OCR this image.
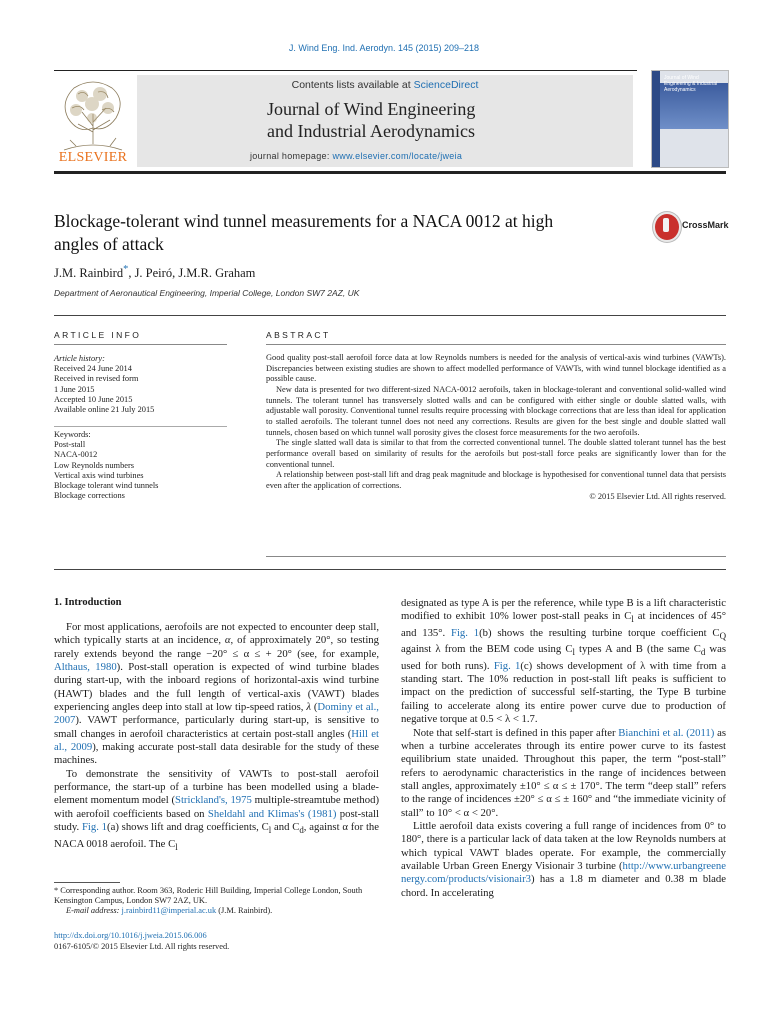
J. Wind Eng. Ind. Aerodyn. 145 (2015) 209–218
ELSEVIER
Contents lists available at ScienceDirect
Journal of Wind Engineering
and Industrial Aerodynamics
journal homepage: www.elsevier.com/locate/jweia
Journal of Wind Engineering & Industrial Aerodynamics
Blockage-tolerant wind tunnel measurements for a NACA 0012 at high
angles of attack
CrossMark
J.M. Rainbird*, J. Peiró, J.M.R. Graham
Department of Aeronautical Engineering, Imperial College, London SW7 2AZ, UK
ARTICLE INFO
Article history:
Received 24 June 2014
Received in revised form
1 June 2015
Accepted 10 June 2015
Available online 21 July 2015
Keywords:
Post-stall
NACA-0012
Low Reynolds numbers
Vertical axis wind turbines
Blockage tolerant wind tunnels
Blockage corrections
ABSTRACT

Good quality post-stall aerofoil force data at low Reynolds numbers is needed for the analysis of vertical-axis wind turbines (VAWTs). Discrepancies between existing studies are shown to affect modelled performance of VAWTs, with wind tunnel blockage identified as a possible cause.

New data is presented for two different-sized NACA-0012 aerofoils, taken in blockage-tolerant and conventional solid-walled wind tunnels. The tolerant tunnel has transversely slotted walls and can be configured with either single or double slatted walls, with adjustable wall porosity. Conventional tunnel results require processing with blockage corrections that are less than ideal for application to stalled aerofoils. The tolerant tunnel does not need any corrections. Results are given for the best single and double slatted wall tunnels, chosen based on which tunnel wall porosity gives the closest force measurements for the two aerofoils.

The single slatted wall data is similar to that from the corrected conventional tunnel. The double slatted tolerant tunnel has the best performance overall based on similarity of results for the aerofoils but post-stall force peaks are significantly lower than for the conventional tunnel.

A relationship between post-stall lift and drag peak magnitude and blockage is hypothesised for conventional tunnel data that persists even after the application of corrections.

© 2015 Elsevier Ltd. All rights reserved.

1. Introduction

For most applications, aerofoils are not expected to encounter deep stall, which typically starts at an incidence, α, of approximately 20°, so testing rarely extends beyond the range −20° ≤ α ≤ + 20° (see, for example, Althaus, 1980). Post-stall operation is expected of wind turbine blades during start-up, with the inboard regions of horizontal-axis wind turbine (HAWT) blades and the full length of vertical-axis (VAWT) blades experiencing angles deep into stall at low tip-speed ratios, λ (Dominy et al., 2007). VAWT performance, particularly during start-up, is sensitive to small changes in aerofoil characteristics at certain post-stall angles (Hill et al., 2009), making accurate post-stall data desirable for the study of these machines.

To demonstrate the sensitivity of VAWTs to post-stall aerofoil performance, the start-up of a turbine has been modelled using a blade-element momentum model (Strickland's, 1975 multiple-streamtube method) with aerofoil coefficients based on Sheldahl and Klimas's (1981) post-stall study. Fig. 1(a) shows lift and drag coefficients, $C_l$ and $C_d$, against α for the NACA 0018 aerofoil. The $C_l$

designated as type A is per the reference, while type B is a lift characteristic modified to exhibit 10% lower post-stall peaks in $C_l$ at incidences of 45° and 135°. Fig. 1(b) shows the resulting turbine torque coefficient $C_Q$ against λ from the BEM code using $C_l$ types A and B (the same $C_d$ was used for both runs). Fig. 1(c) shows development of λ with time from a standing start. The 10% reduction in post-stall lift peaks is sufficient to impact on the prediction of successful self-starting, the Type B turbine failing to accelerate along its entire power curve due to production of negative torque at 0.5 < λ < 1.7.

Note that self-start is defined in this paper after Bianchini et al. (2011) as when a turbine accelerates through its entire power curve to its fastest equilibrium state unaided. Throughout this paper, the term “post-stall” refers to aerodynamic characteristics in the range of incidences between stall angles, approximately ±10° ≤ α ≤ ± 170°. The term “deep stall” refers to the range of incidences ±20° ≤ α ≤ ± 160° and “the immediate vicinity of stall” to 10° < α < 20°.

Little aerofoil data exists covering a full range of incidences from 0° to 180°, there is a particular lack of data taken at the low Reynolds numbers at which typical VAWT blades operate. For example, the commercially available Urban Green Energy Visionair 3 turbine (http://www.urbangreenenergy.com/products/visionair3) has a 1.8 m diameter and 0.38 m blade chord. In accelerating

* Corresponding author. Room 363, Roderic Hill Building, Imperial College London, South Kensington Campus, London SW7 2AZ, UK.

E-mail address: j.rainbird11@imperial.ac.uk (J.M. Rainbird).

http://dx.doi.org/10.1016/j.jweia.2015.06.006
0167-6105/© 2015 Elsevier Ltd. All rights reserved.
